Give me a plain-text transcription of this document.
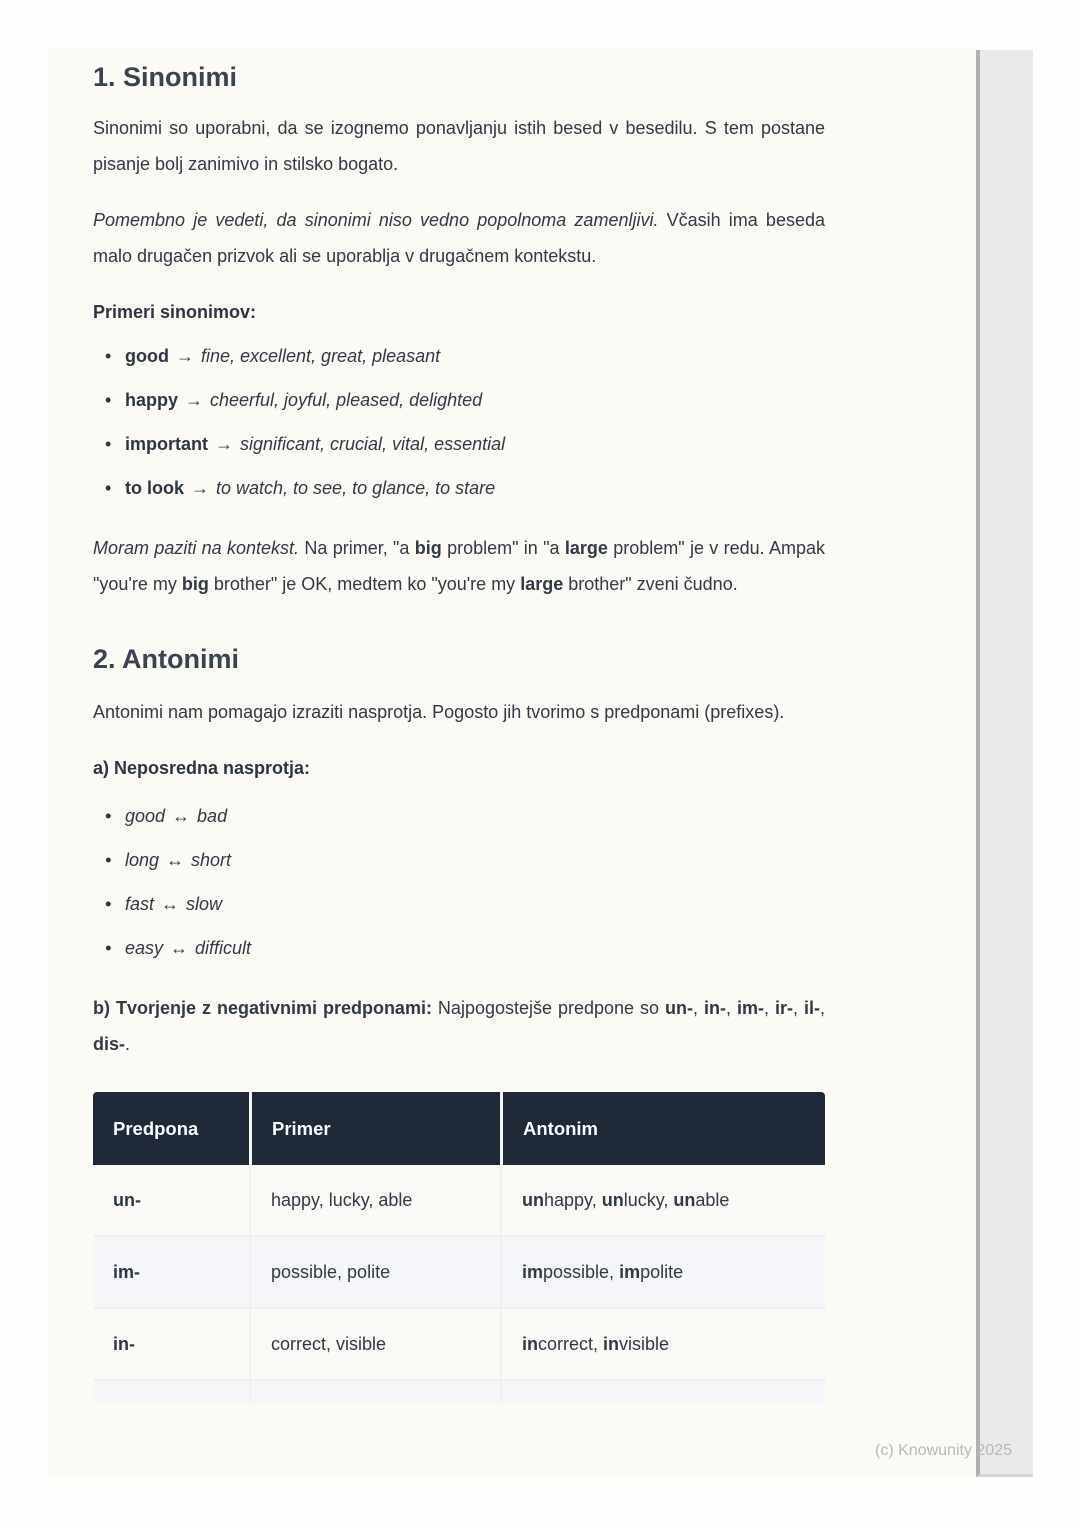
1. Sinonimi

Sinonimi so uporabni, da se izognemo ponavljanju istih besed v besedilu. S tem postane pisanje bolj zanimivo in stilsko bogato.

Pomembno je vedeti, da sinonimi niso vedno popolnoma zamenljivi. Včasih ima beseda malo drugačen prizvok ali se uporablja v drugačnem kontekstu.

Primeri sinonimov:

• good → fine, excellent, great, pleasant
• happy → cheerful, joyful, pleased, delighted
• important → significant, crucial, vital, essential
• to look → to watch, to see, to glance, to stare

Moram paziti na kontekst. Na primer, "a big problem" in "a large problem" je v redu. Ampak "you're my big brother" je OK, medtem ko "you're my large brother" zveni čudno.

2. Antonimi

Antonimi nam pomagajo izraziti nasprotja. Pogosto jih tvorimo s predponami (prefixes).

a) Neposredna nasprotja:

• good ↔ bad
• long ↔ short
• fast ↔ slow
• easy ↔ difficult

b) Tvorjenje z negativnimi predponami: Najpogostejše predpone so un-, in-, im-, ir-, il-, dis-.

Predpona	Primer	Antonim
un-	happy, lucky, able	unhappy, unlucky, unable
im-	possible, polite	impossible, impolite
in-	correct, visible	incorrect, invisible

(c) Knowunity 2025
